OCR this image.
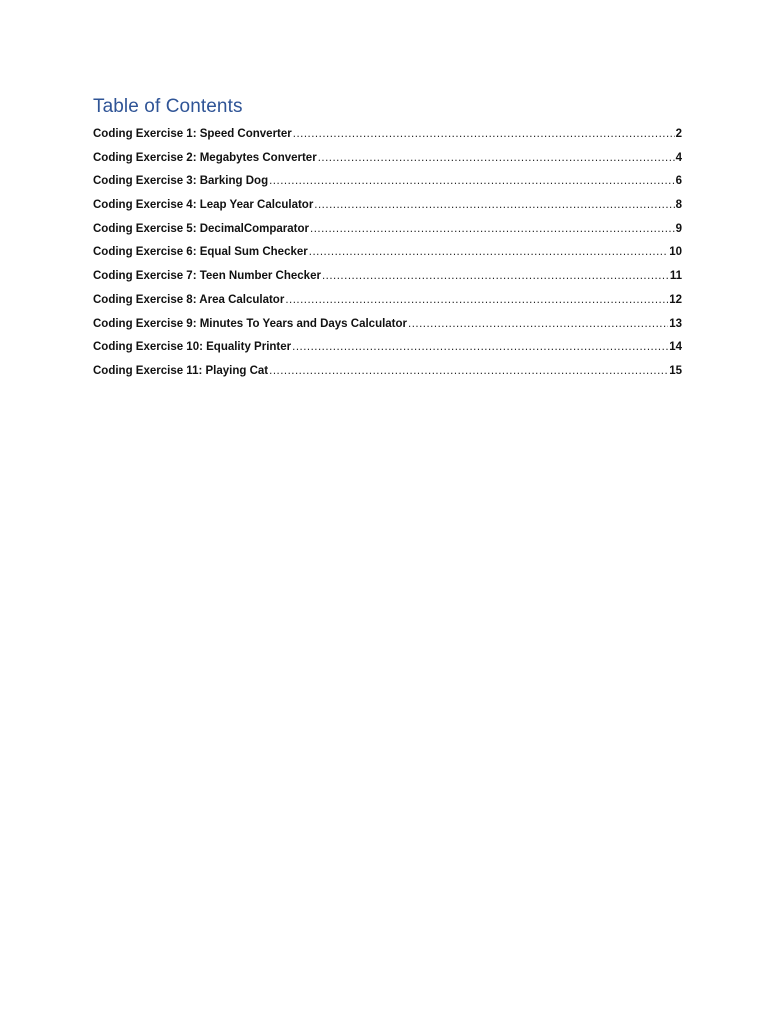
Table of Contents
Coding Exercise 1: Speed Converter .....	2
Coding Exercise 2: Megabytes Converter .....	4
Coding Exercise 3: Barking Dog .....	6
Coding Exercise 4: Leap Year Calculator .....	8
Coding Exercise 5: DecimalComparator .....	9
Coding Exercise 6: Equal Sum Checker .....	10
Coding Exercise 7: Teen Number Checker .....	11
Coding Exercise 8: Area Calculator .....	12
Coding Exercise 9: Minutes To Years and Days Calculator .....	13
Coding Exercise 10: Equality Printer .....	14
Coding Exercise 11: Playing Cat .....	15
